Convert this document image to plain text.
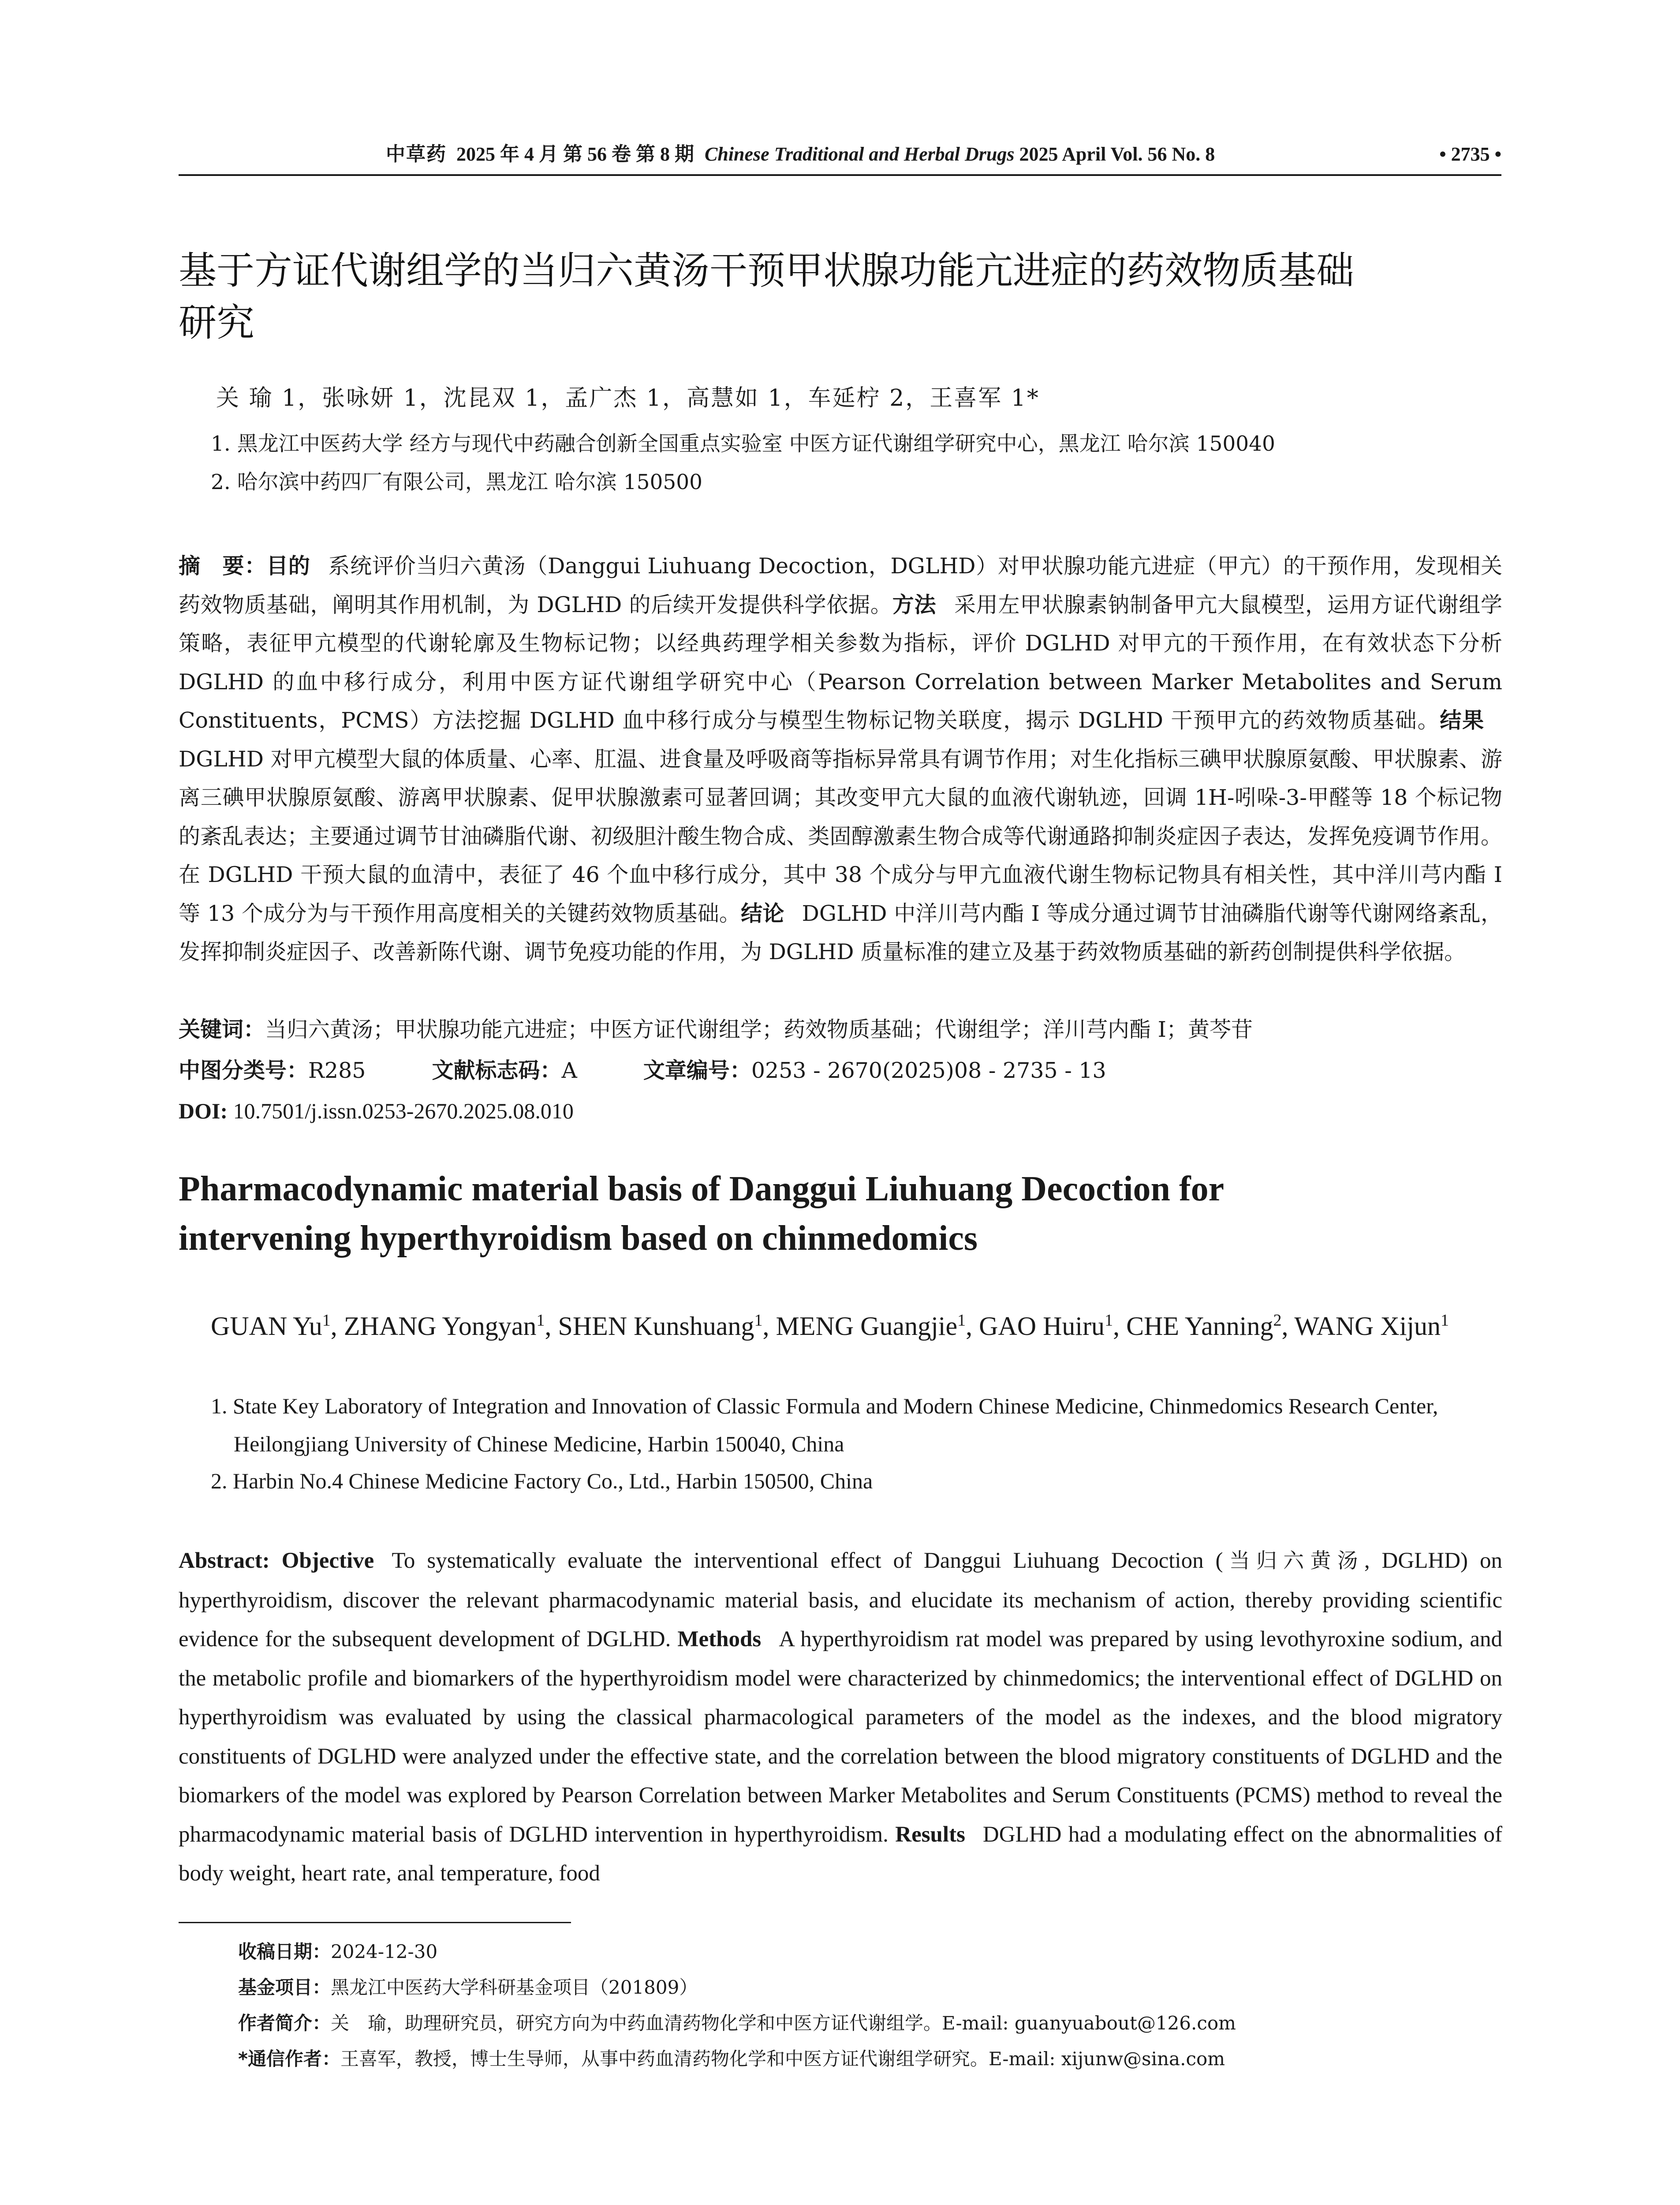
中草药 2025 年 4 月 第 56 卷 第 8 期 Chinese Traditional and Herbal Drugs 2025 April Vol. 56 No. 8	• 2735 •
基于方证代谢组学的当归六黄汤干预甲状腺功能亢进症的药效物质基础
研究
关 瑜 1，张咏妍 1，沈昆双 1，孟广杰 1，高慧如 1，车延柠 2，王喜军 1*
1. 黑龙江中医药大学 经方与现代中药融合创新全国重点实验室 中医方证代谢组学研究中心，黑龙江 哈尔滨 150040
2. 哈尔滨中药四厂有限公司，黑龙江 哈尔滨 150500
摘　要：目的 系统评价当归六黄汤（Danggui Liuhuang Decoction，DGLHD）对甲状腺功能亢进症（甲亢）的干预作用，发现相关药效物质基础，阐明其作用机制，为 DGLHD 的后续开发提供科学依据。方法 采用左甲状腺素钠制备甲亢大鼠模型，运用方证代谢组学策略，表征甲亢模型的代谢轮廓及生物标记物；以经典药理学相关参数为指标，评价 DGLHD 对甲亢的干预作用，在有效状态下分析 DGLHD 的血中移行成分，利用中医方证代谢组学研究中心（Pearson Correlation between Marker Metabolites and Serum Constituents，PCMS）方法挖掘 DGLHD 血中移行成分与模型生物标记物关联度，揭示 DGLHD 干预甲亢的药效物质基础。结果DGLHD 对甲亢模型大鼠的体质量、心率、肛温、进食量及呼吸商等指标异常具有调节作用；对生化指标三碘甲状腺原氨酸、甲状腺素、游离三碘甲状腺原氨酸、游离甲状腺素、促甲状腺激素可显著回调；其改变甲亢大鼠的血液代谢轨迹，回调 1H-吲哚-3-甲醛等 18 个标记物的紊乱表达；主要通过调节甘油磷脂代谢、初级胆汁酸生物合成、类固醇激素生物合成等代谢通路抑制炎症因子表达，发挥免疫调节作用。在 DGLHD 干预大鼠的血清中，表征了 46 个血中移行成分，其中 38 个成分与甲亢血液代谢生物标记物具有相关性，其中洋川芎内酯 I 等 13 个成分为与干预作用高度相关的关键药效物质基础。结论 DGLHD 中洋川芎内酯 I 等成分通过调节甘油磷脂代谢等代谢网络紊乱，发挥抑制炎症因子、改善新陈代谢、调节免疫功能的作用，为 DGLHD 质量标准的建立及基于药效物质基础的新药创制提供科学依据。
关键词：当归六黄汤；甲状腺功能亢进症；中医方证代谢组学；药效物质基础；代谢组学；洋川芎内酯 I；黄芩苷
中图分类号：R285	文献标志码：A	文章编号：0253 - 2670(2025)08 - 2735 - 13
DOI: 10.7501/j.issn.0253-2670.2025.08.010
Pharmacodynamic material basis of Danggui Liuhuang Decoction for
intervening hyperthyroidism based on chinmedomics
GUAN Yu$^1$, ZHANG Yongyan$^1$, SHEN Kunshuang$^1$, MENG Guangjie$^1$, GAO Huiru$^1$, CHE Yanning$^2$, WANG Xijun$^1$
1. State Key Laboratory of Integration and Innovation of Classic Formula and Modern Chinese Medicine, Chinmedomics Research Center, Heilongjiang University of Chinese Medicine, Harbin 150040, China
2. Harbin No.4 Chinese Medicine Factory Co., Ltd., Harbin 150500, China
Abstract: Objective To systematically evaluate the interventional effect of Danggui Liuhuang Decoction (当归六黄汤, DGLHD) on hyperthyroidism, discover the relevant pharmacodynamic material basis, and elucidate its mechanism of action, thereby providing scientific evidence for the subsequent development of DGLHD. Methods A hyperthyroidism rat model was prepared by using levothyroxine sodium, and the metabolic profile and biomarkers of the hyperthyroidism model were characterized by chinmedomics; the interventional effect of DGLHD on hyperthyroidism was evaluated by using the classical pharmacological parameters of the model as the indexes, and the blood migratory constituents of DGLHD were analyzed under the effective state, and the correlation between the blood migratory constituents of DGLHD and the biomarkers of the model was explored by Pearson Correlation between Marker Metabolites and Serum Constituents (PCMS) method to reveal the pharmacodynamic material basis of DGLHD intervention in hyperthyroidism. Results DGLHD had a modulating effect on the abnormalities of body weight, heart rate, anal temperature, food
收稿日期：2024-12-30
基金项目：黑龙江中医药大学科研基金项目（201809）
作者简介：关　瑜，助理研究员，研究方向为中药血清药物化学和中医方证代谢组学。E-mail: guanyuabout@126.com
*通信作者：王喜军，教授，博士生导师，从事中药血清药物化学和中医方证代谢组学研究。E-mail: xijunw@sina.com
